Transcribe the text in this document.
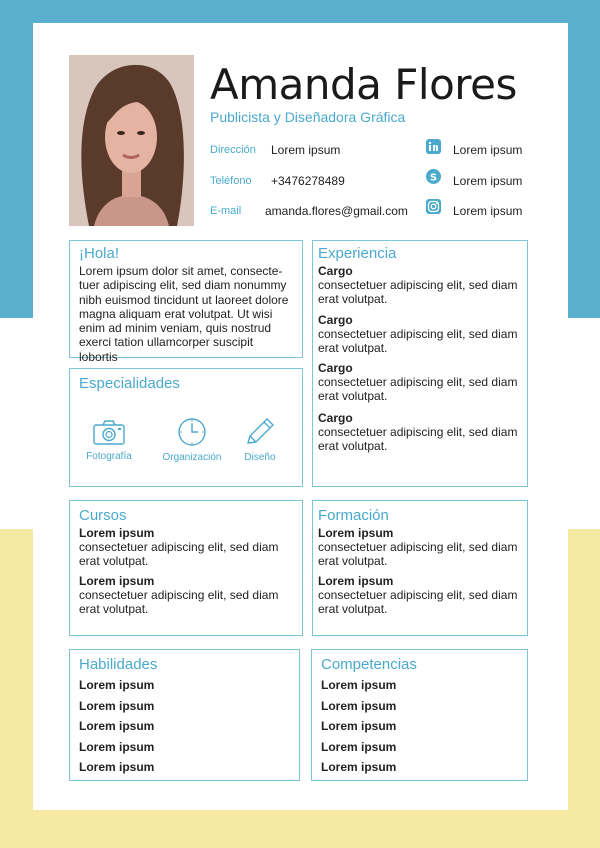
Amanda Flores
Publicista y Diseñadora Gráfica
Dirección Lorem ipsum
Teléfono +3476278489
E-mail amanda.flores@gmail.com
Lorem ipsum
S Lorem ipsum
Lorem ipsum
¡Hola!
Lorem ipsum dolor sit amet, consecte-tuer adipiscing elit, sed diam nonummy nibh euismod tincidunt ut laoreet dolore magna aliquam erat volutpat. Ut wisi enim ad minim veniam, quis nostrud exerci tation ullamcorper suscipit lobortis
Experiencia
Cargo
consectetuer adipiscing elit, sed diam erat volutpat.
Cargo
consectetuer adipiscing elit, sed diam erat volutpat.
Cargo
consectetuer adipiscing elit, sed diam erat volutpat.
Cargo
consectetuer adipiscing elit, sed diam erat volutpat.
Especialidades
Fotografía	Organización	Diseño
Cursos
Lorem ipsum
consectetuer adipiscing elit, sed diam erat volutpat.
Lorem ipsum
consectetuer adipiscing elit, sed diam erat volutpat.
Formación
Lorem ipsum
consectetuer adipiscing elit, sed diam erat volutpat.
Lorem ipsum
consectetuer adipiscing elit, sed diam erat volutpat.
Habilidades
Lorem ipsum
Lorem ipsum
Lorem ipsum
Lorem ipsum
Lorem ipsum
Competencias
Lorem ipsum
Lorem ipsum
Lorem ipsum
Lorem ipsum
Lorem ipsum
